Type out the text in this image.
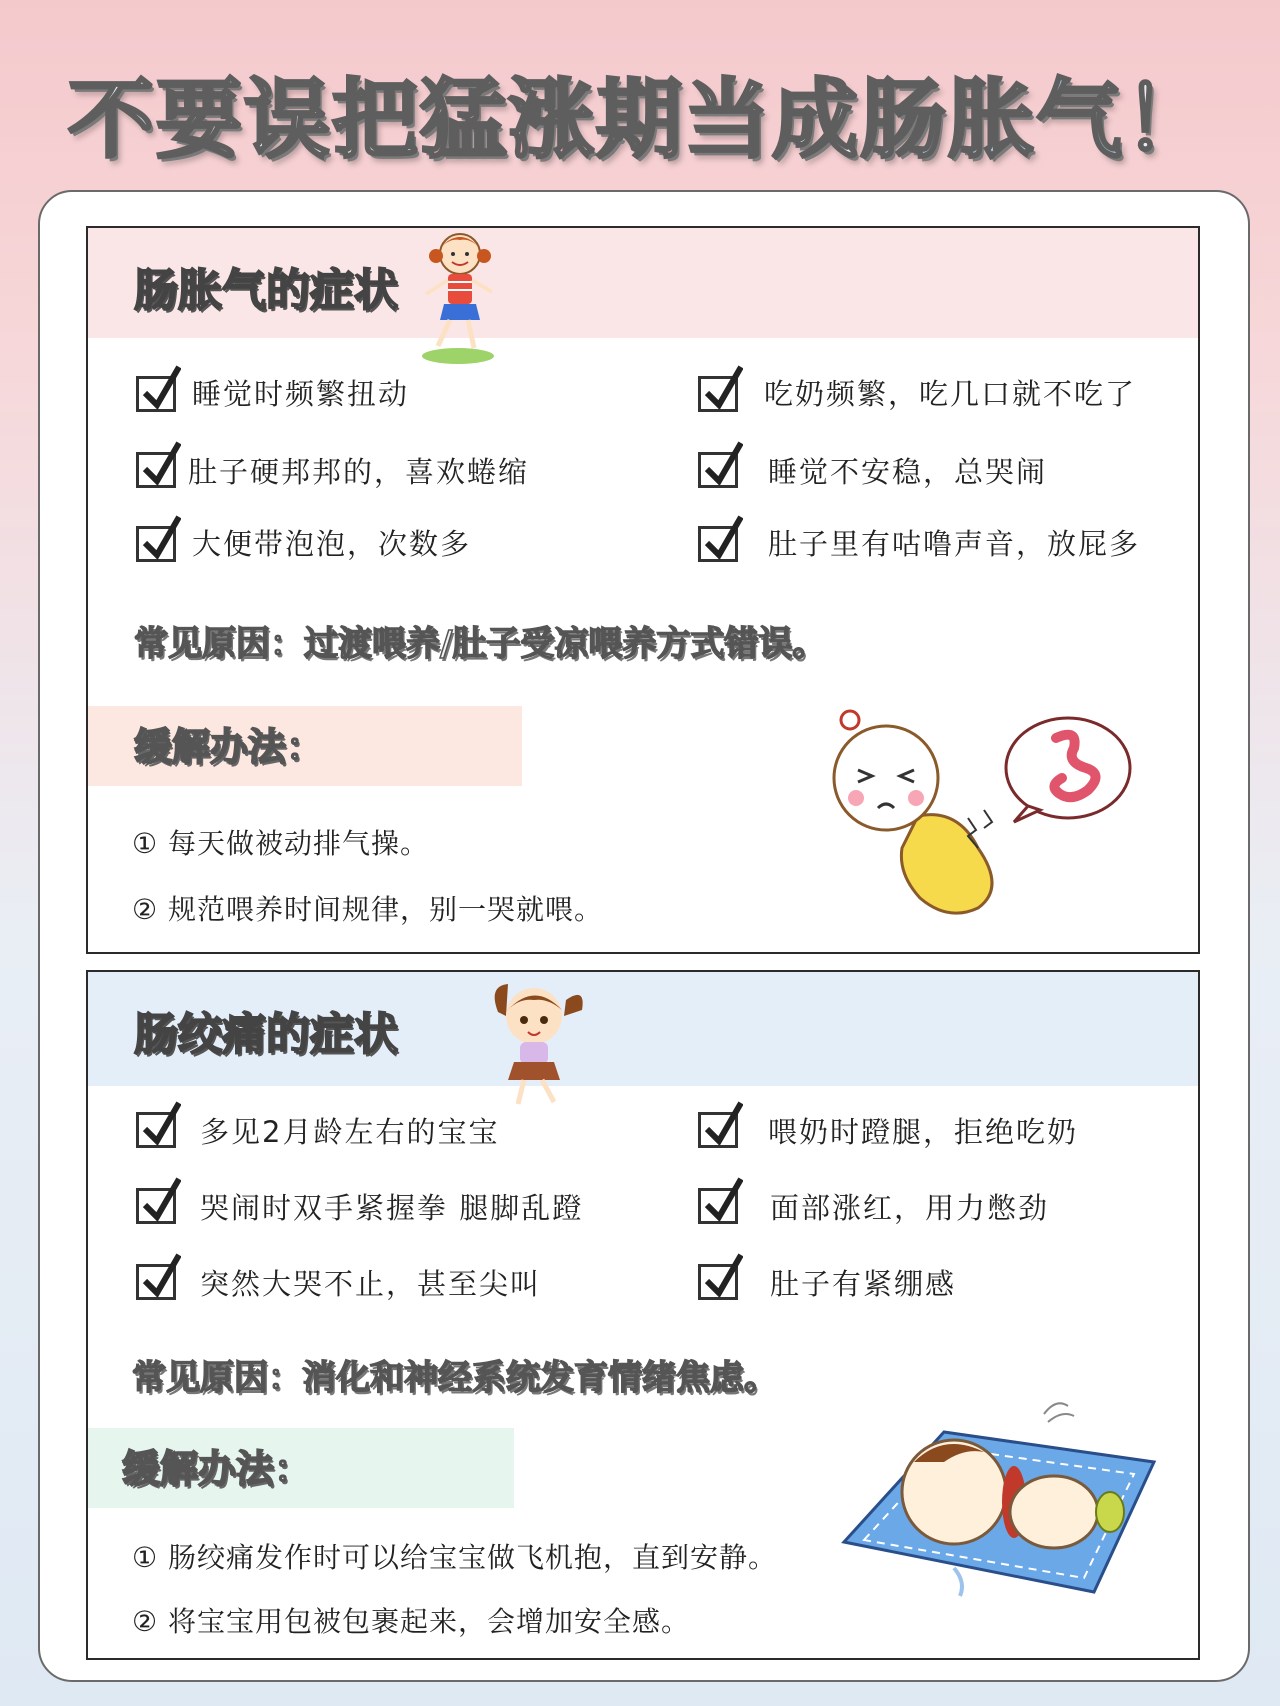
不要误把猛涨期当成肠胀气！
肠胀气的症状
睡觉时频繁扭动	吃奶频繁，吃几口就不吃了
肚子硬邦邦的，喜欢蜷缩	睡觉不安稳，总哭闹
大便带泡泡，次数多	肚子里有咕噜声音，放屁多
常见原因：过渡喂养/肚子受凉喂养方式错误。
缓解办法：
① 每天做被动排气操。
② 规范喂养时间规律，别一哭就喂。
肠绞痛的症状
多见2月龄左右的宝宝	喂奶时蹬腿，拒绝吃奶
哭闹时双手紧握拳 腿脚乱蹬	面部涨红，用力憋劲
突然大哭不止，甚至尖叫	肚子有紧绷感
常见原因：消化和神经系统发育情绪焦虑。
缓解办法：
① 肠绞痛发作时可以给宝宝做飞机抱，直到安静。
② 将宝宝用包被包裹起来，会增加安全感。
